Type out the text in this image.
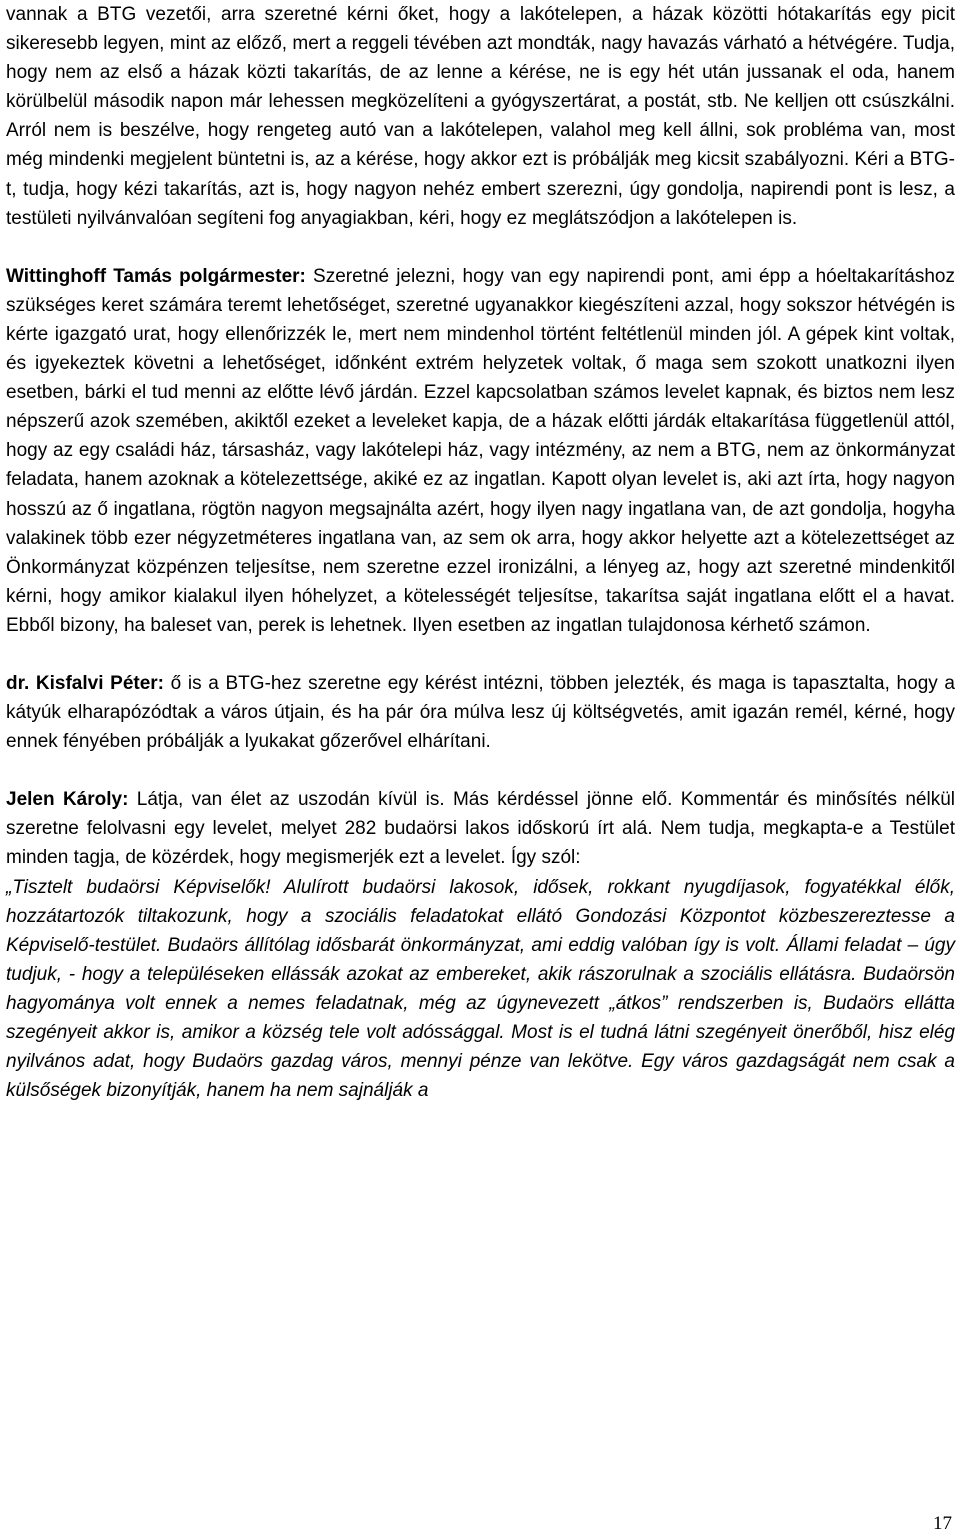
vannak a BTG vezetői, arra szeretné kérni őket, hogy a lakótelepen, a házak közötti hótakarítás egy picit sikeresebb legyen, mint az előző, mert a reggeli tévében azt mondták, nagy havazás várható a hétvégére. Tudja, hogy nem az első a házak közti takarítás, de az lenne a kérése, ne is egy hét után jussanak el oda, hanem körülbelül második napon már lehessen megközelíteni a gyógyszertárat, a postát, stb. Ne kelljen ott csúszkálni. Arról nem is beszélve, hogy rengeteg autó van a lakótelepen, valahol meg kell állni, sok probléma van, most még mindenki megjelent büntetni is, az a kérése, hogy akkor ezt is próbálják meg kicsit szabályozni. Kéri a BTG-t, tudja, hogy kézi takarítás, azt is, hogy nagyon nehéz embert szerezni, úgy gondolja, napirendi pont is lesz, a testületi nyilvánvalóan segíteni fog anyagiakban, kéri, hogy ez meglátszódjon a lakótelepen is.

Wittinghoff Tamás polgármester: Szeretné jelezni, hogy van egy napirendi pont, ami épp a hóeltakarításhoz szükséges keret számára teremt lehetőséget, szeretné ugyanakkor kiegészíteni azzal, hogy sokszor hétvégén is kérte igazgató urat, hogy ellenőrizzék le, mert nem mindenhol történt feltétlenül minden jól. A gépek kint voltak, és igyekeztek követni a lehetőséget, időnként extrém helyzetek voltak, ő maga sem szokott unatkozni ilyen esetben, bárki el tud menni az előtte lévő járdán. Ezzel kapcsolatban számos levelet kapnak, és biztos nem lesz népszerű azok szemében, akiktől ezeket a leveleket kapja, de a házak előtti járdák eltakarítása függetlenül attól, hogy az egy családi ház, társasház, vagy lakótelepi ház, vagy intézmény, az nem a BTG, nem az önkormányzat feladata, hanem azoknak a kötelezettsége, akiké ez az ingatlan. Kapott olyan levelet is, aki azt írta, hogy nagyon hosszú az ő ingatlana, rögtön nagyon megsajnálta azért, hogy ilyen nagy ingatlana van, de azt gondolja, hogyha valakinek több ezer négyzetméteres ingatlana van, az sem ok arra, hogy akkor helyette azt a kötelezettséget az Önkormányzat közpénzen teljesítse, nem szeretne ezzel ironizálni, a lényeg az, hogy azt szeretné mindenkitől kérni, hogy amikor kialakul ilyen hóhelyzet, a kötelességét teljesítse, takarítsa saját ingatlana előtt el a havat. Ebből bizony, ha baleset van, perek is lehetnek. Ilyen esetben az ingatlan tulajdonosa kérhető számon.

dr. Kisfalvi Péter: ő is a BTG-hez szeretne egy kérést intézni, többen jelezték, és maga is tapasztalta, hogy a kátyúk elharapózódtak a város útjain, és ha pár óra múlva lesz új költségvetés, amit igazán remél, kérné, hogy ennek fényében próbálják a lyukakat gőzerővel elhárítani.

Jelen Károly: Látja, van élet az uszodán kívül is. Más kérdéssel jönne elő. Kommentár és minősítés nélkül szeretne felolvasni egy levelet, melyet 282 budaörsi lakos időskorú írt alá. Nem tudja, megkapta-e a Testület minden tagja, de közérdek, hogy megismerjék ezt a levelet. Így szól:

„Tisztelt budaörsi Képviselők! Alulírott budaörsi lakosok, idősek, rokkant nyugdíjasok, fogyatékkal élők, hozzátartozók tiltakozunk, hogy a szociális feladatokat ellátó Gondozási Központot közbeszereztesse a Képviselő-testület. Budaörs állítólag idősbarát önkormányzat, ami eddig valóban így is volt. Állami feladat – úgy tudjuk, - hogy a településeken ellássák azokat az embereket, akik rászorulnak a szociális ellátásra. Budaörsön hagyománya volt ennek a nemes feladatnak, még az úgynevezett „átkos” rendszerben is, Budaörs ellátta szegényeit akkor is, amikor a község tele volt adóssággal. Most is el tudná látni szegényeit önerőből, hisz elég nyilvános adat, hogy Budaörs gazdag város, mennyi pénze van lekötve. Egy város gazdagságát nem csak a külsőségek bizonyítják, hanem ha nem sajnálják a

17
